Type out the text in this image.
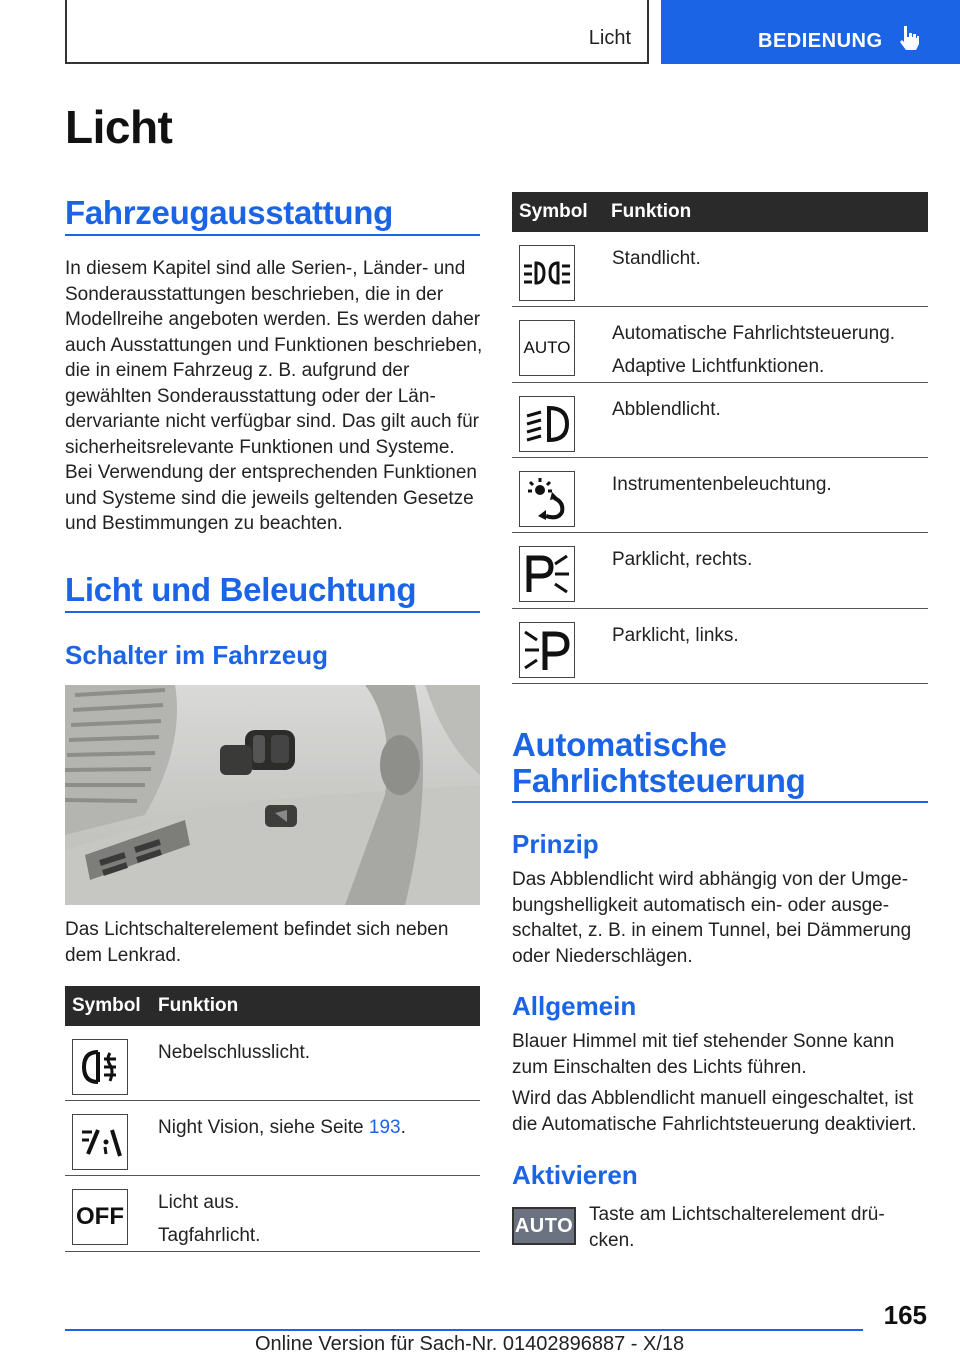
Licht	BEDIENUNG
Licht
Fahrzeugausstattung
In diesem Kapitel sind alle Serien-, Länder- und Sonderausstattungen beschrieben, die in der Modellreihe angeboten werden. Es werden daher auch Ausstattungen und Funktionen beschrieben, die in einem Fahrzeug z. B. aufgrund der gewählten Sonderausstattung oder der Ländervariante nicht verfügbar sind. Das gilt auch für sicherheitsrelevante Funktionen und Systeme. Bei Verwendung der entsprechenden Funktionen und Systeme sind die jeweils geltenden Gesetze und Bestimmungen zu beachten.
Licht und Beleuchtung
Schalter im Fahrzeug
Das Lichtschalterelement befindet sich neben dem Lenkrad.
Symbol Funktion
Nebelschlusslicht.
Night Vision, siehe Seite 193.
OFF
Licht aus.
Tagfahrlicht.
Symbol Funktion
Standlicht.
AUTO
Automatische Fahrlichtsteuerung.
Adaptive Lichtfunktionen.
Abblendlicht.
Instrumentenbeleuchtung.
Parklicht, rechts.
Parklicht, links.
Automatische
Fahrlichtsteuerung
Prinzip
Das Abblendlicht wird abhängig von der Umgebungshelligkeit automatisch ein- oder ausgeschaltet, z. B. in einem Tunnel, bei Dämmerung oder Niederschlägen.
Allgemein
Blauer Himmel mit tief stehender Sonne kann zum Einschalten des Lichts führen.
Wird das Abblendlicht manuell eingeschaltet, ist die Automatische Fahrlichtsteuerung deaktiviert.
Aktivieren
AUTO Taste am Lichtschalterelement drücken.
165
Online Version für Sach-Nr. 01402896887 - X/18
